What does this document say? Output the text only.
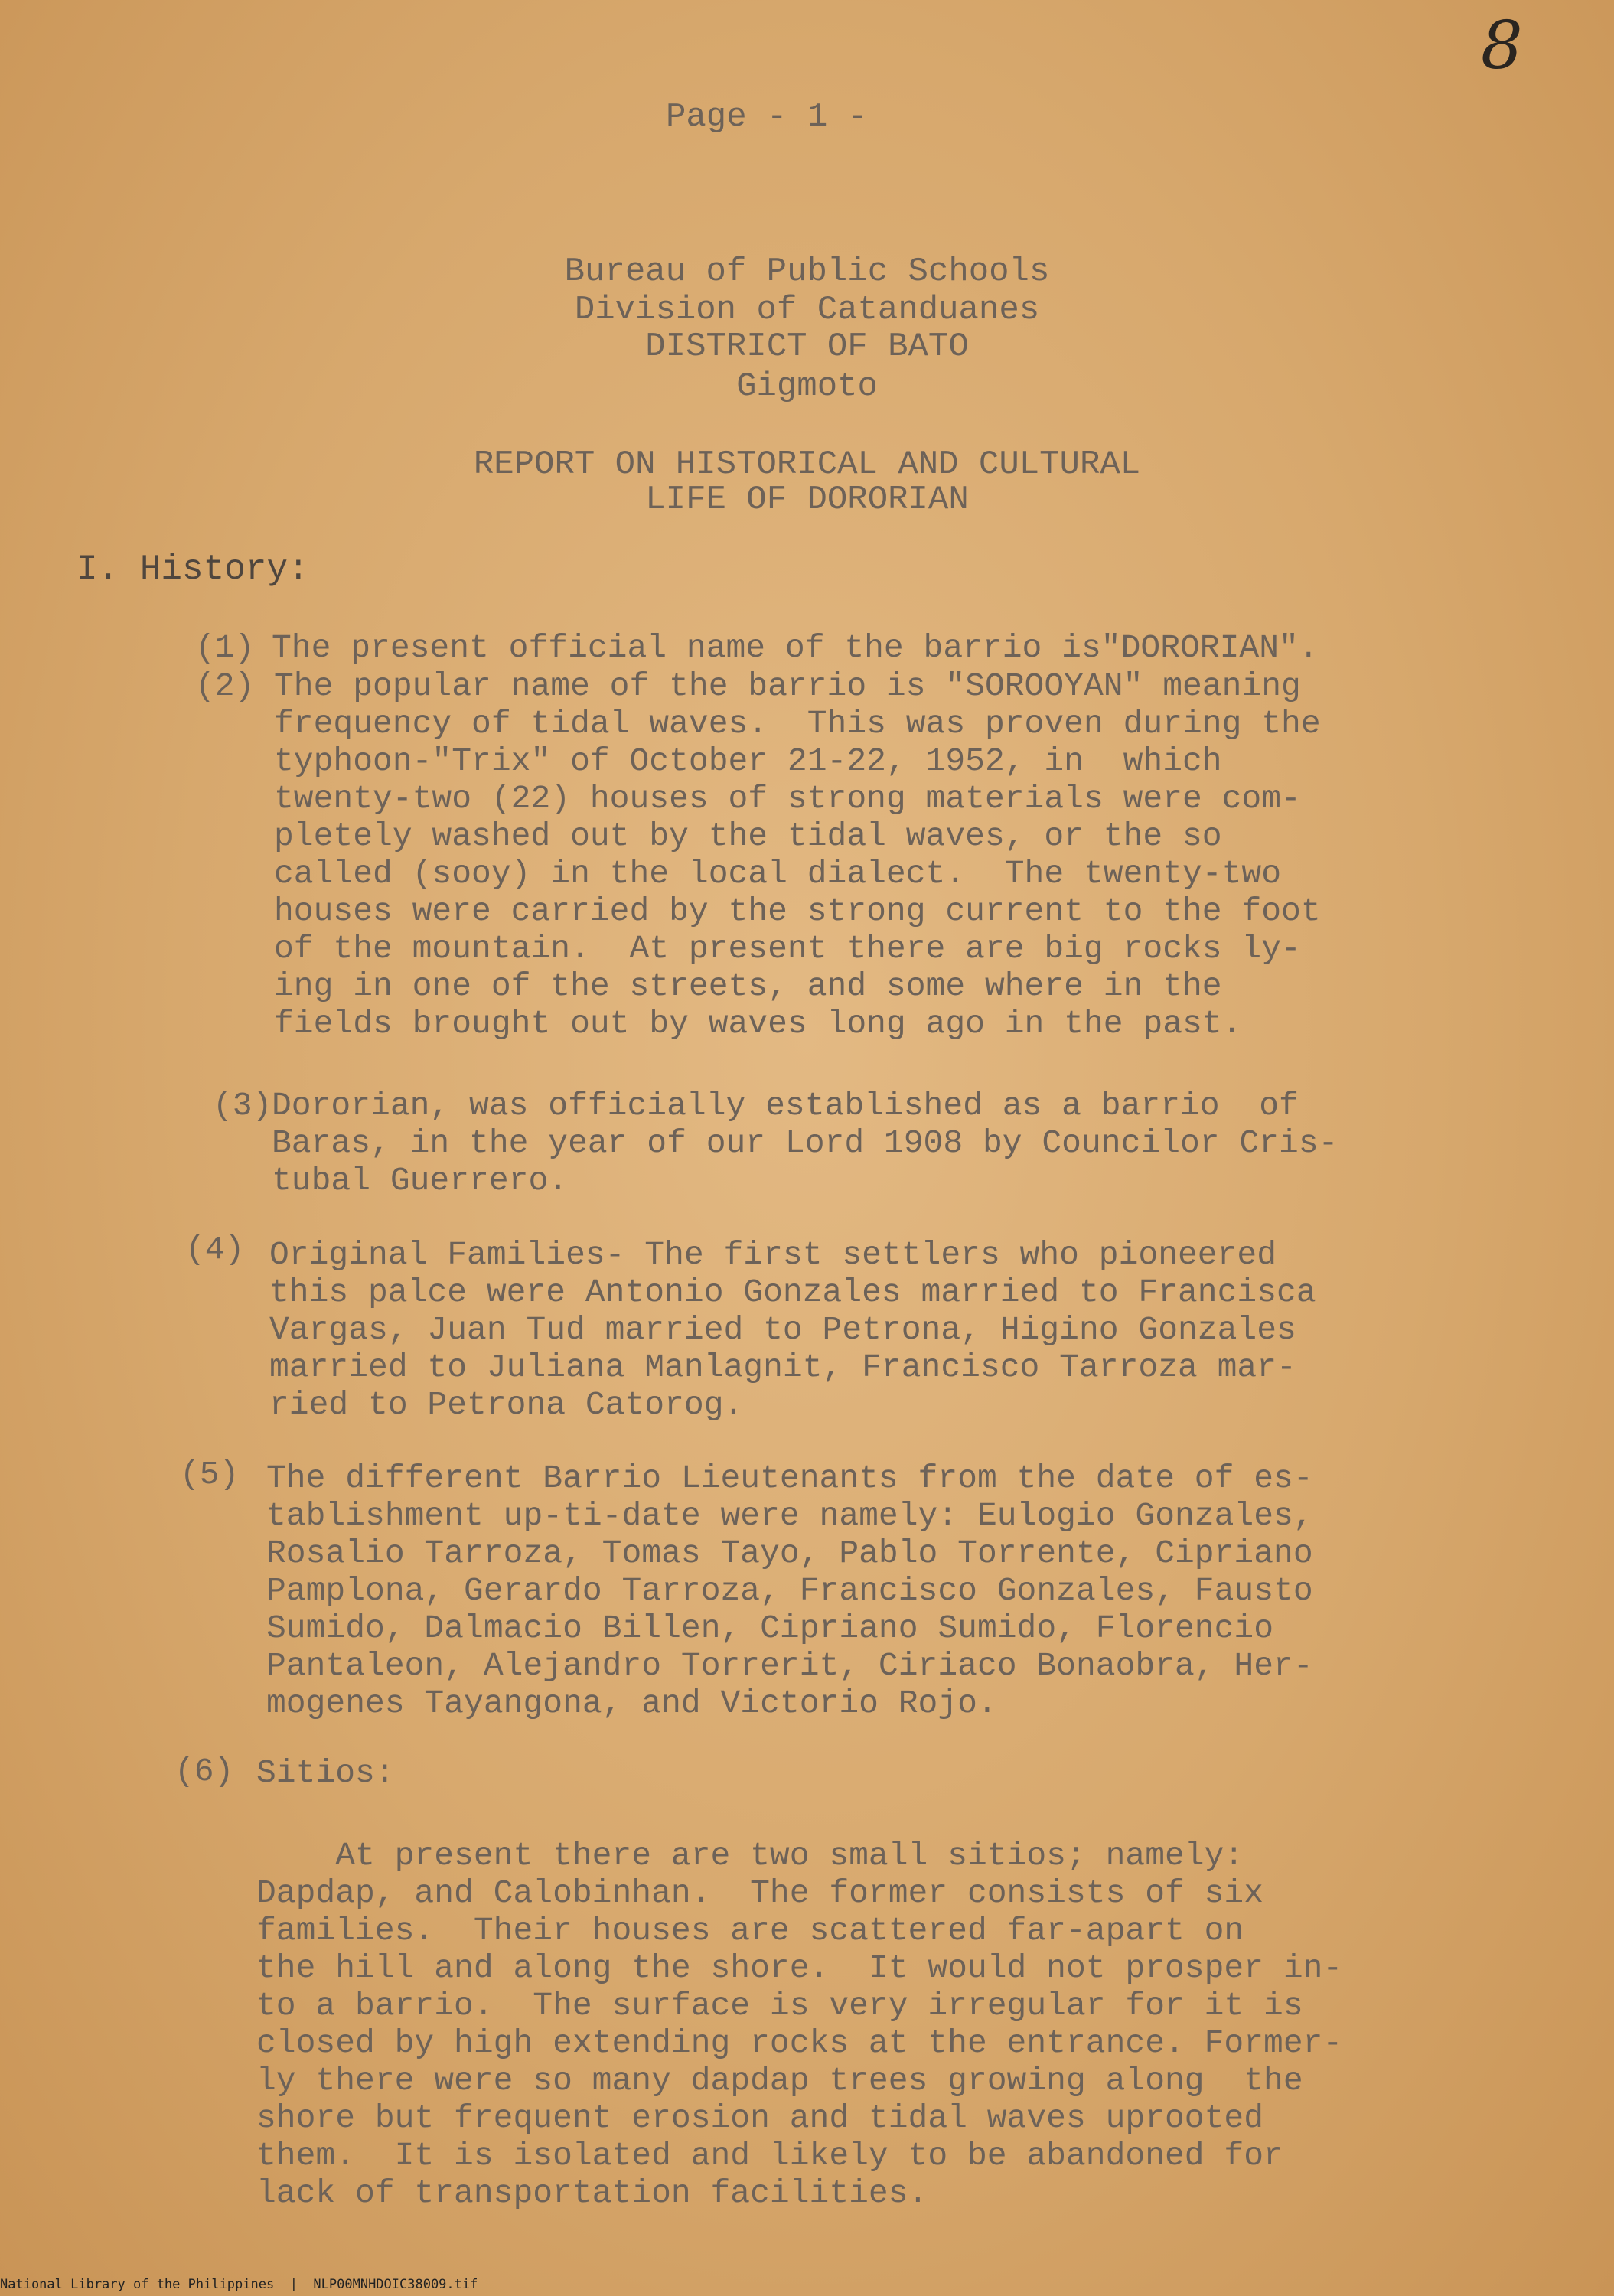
8
Page - 1 -
Bureau of Public Schools
Division of Catanduanes
DISTRICT OF BATO
Gigmoto
REPORT ON HISTORICAL AND CULTURAL
LIFE OF DORORIAN
I. History:
(1) The present official name of the barrio is"DORORIAN".
(2) The popular name of the barrio is "SOROOYAN" meaning
frequency of tidal waves.  This was proven during the
typhoon-"Trix" of October 21-22, 1952, in  which
twenty-two (22) houses of strong materials were com-
pletely washed out by the tidal waves, or the so
called (sooy) in the local dialect.  The twenty-two
houses were carried by the strong current to the foot
of the mountain.  At present there are big rocks ly-
ing in one of the streets, and some where in the
fields brought out by waves long ago in the past.
(3) Dororian, was officially established as a barrio  of
Baras, in the year of our Lord 1908 by Councilor Cris-
tubal Guerrero.
(4) Original Families- The first settlers who pioneered
this palce were Antonio Gonzales married to Francisca
Vargas, Juan Tud married to Petrona, Higino Gonzales
married to Juliana Manlagnit, Francisco Tarroza mar-
ried to Petrona Catorog.
(5) The different Barrio Lieutenants from the date of es-
tablishment up-ti-date were namely: Eulogio Gonzales,
Rosalio Tarroza, Tomas Tayo, Pablo Torrente, Cipriano
Pamplona, Gerardo Tarroza, Francisco Gonzales, Fausto
Sumido, Dalmacio Billen, Cipriano Sumido, Florencio
Pantaleon, Alejandro Torrerit, Ciriaco Bonaobra, Her-
mogenes Tayangona, and Victorio Rojo.
(6) Sitios:
At present there are two small sitios; namely:
Dapdap, and Calobinhan.  The former consists of six
families.  Their houses are scattered far-apart on
the hill and along the shore.  It would not prosper in-
to a barrio.  The surface is very irregular for it is
closed by high extending rocks at the entrance. Former-
ly there were so many dapdap trees growing along  the
shore but frequent erosion and tidal waves uprooted
them.  It is isolated and likely to be abandoned for
lack of transportation facilities.
National Library of the Philippines  |  NLP00MNHDOIC38009.tif
